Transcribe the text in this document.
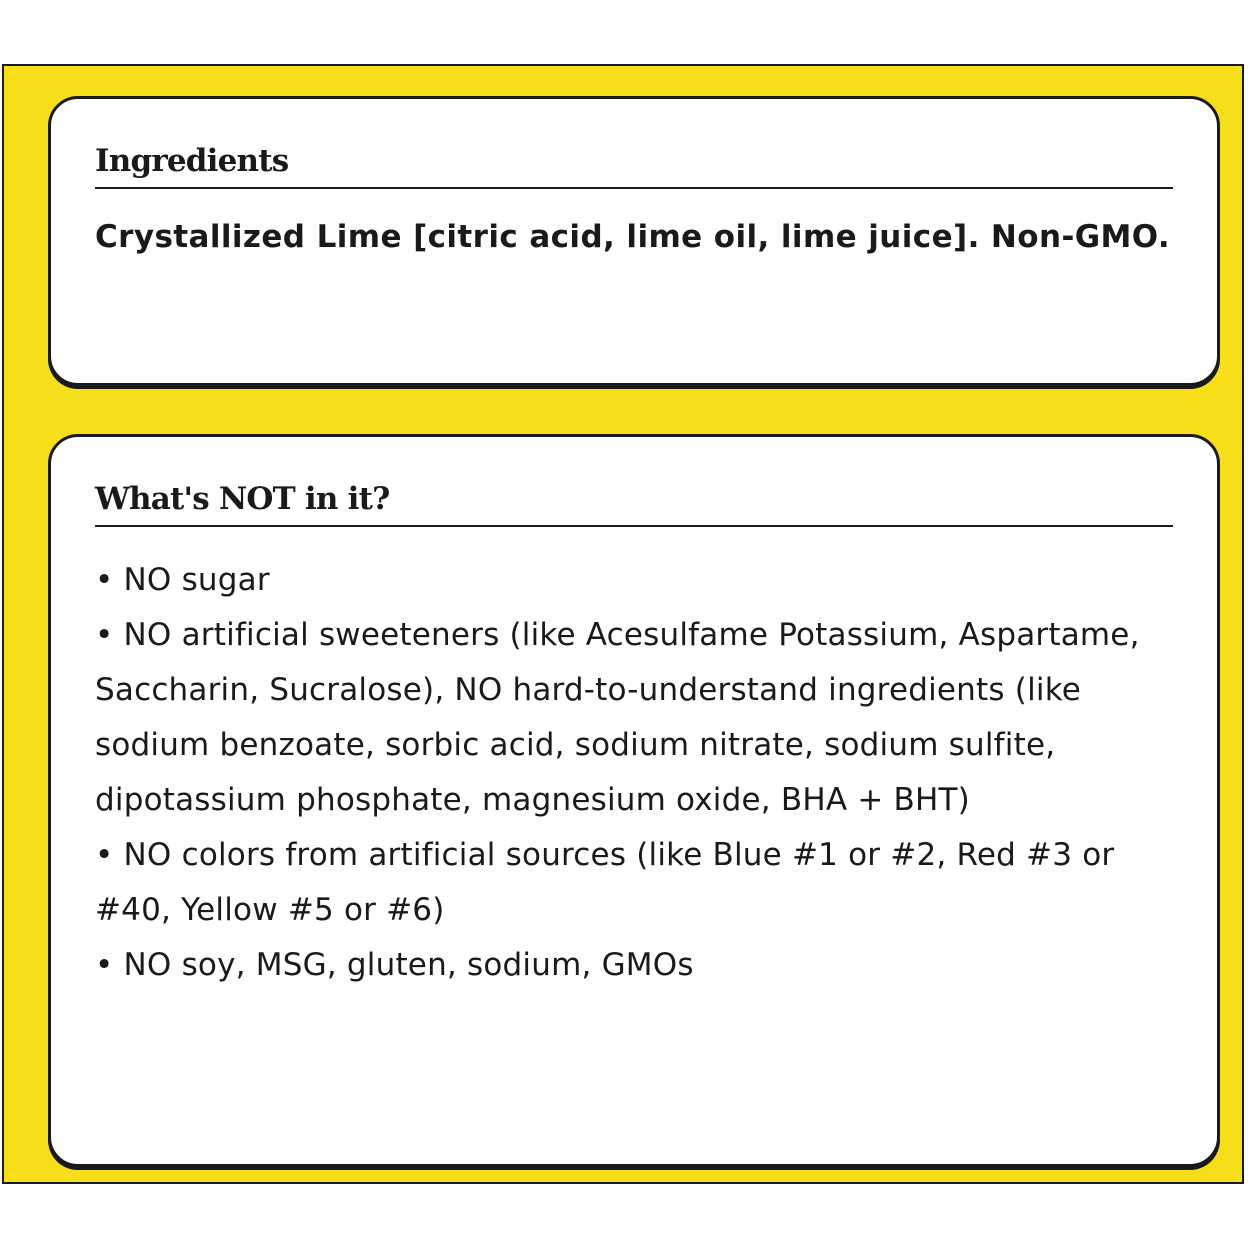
Ingredients
Crystallized Lime [citric acid, lime oil, lime juice]. Non-GMO.
What's NOT in it?
• NO sugar
• NO artificial sweeteners (like Acesulfame Potassium, Aspartame, Saccharin, Sucralose), NO hard-to-understand ingredients (like sodium benzoate, sorbic acid, sodium nitrate, sodium sulfite, dipotassium phosphate, magnesium oxide, BHA + BHT)
• NO colors from artificial sources (like Blue #1 or #2, Red #3 or #40, Yellow #5 or #6)
• NO soy, MSG, gluten, sodium, GMOs
